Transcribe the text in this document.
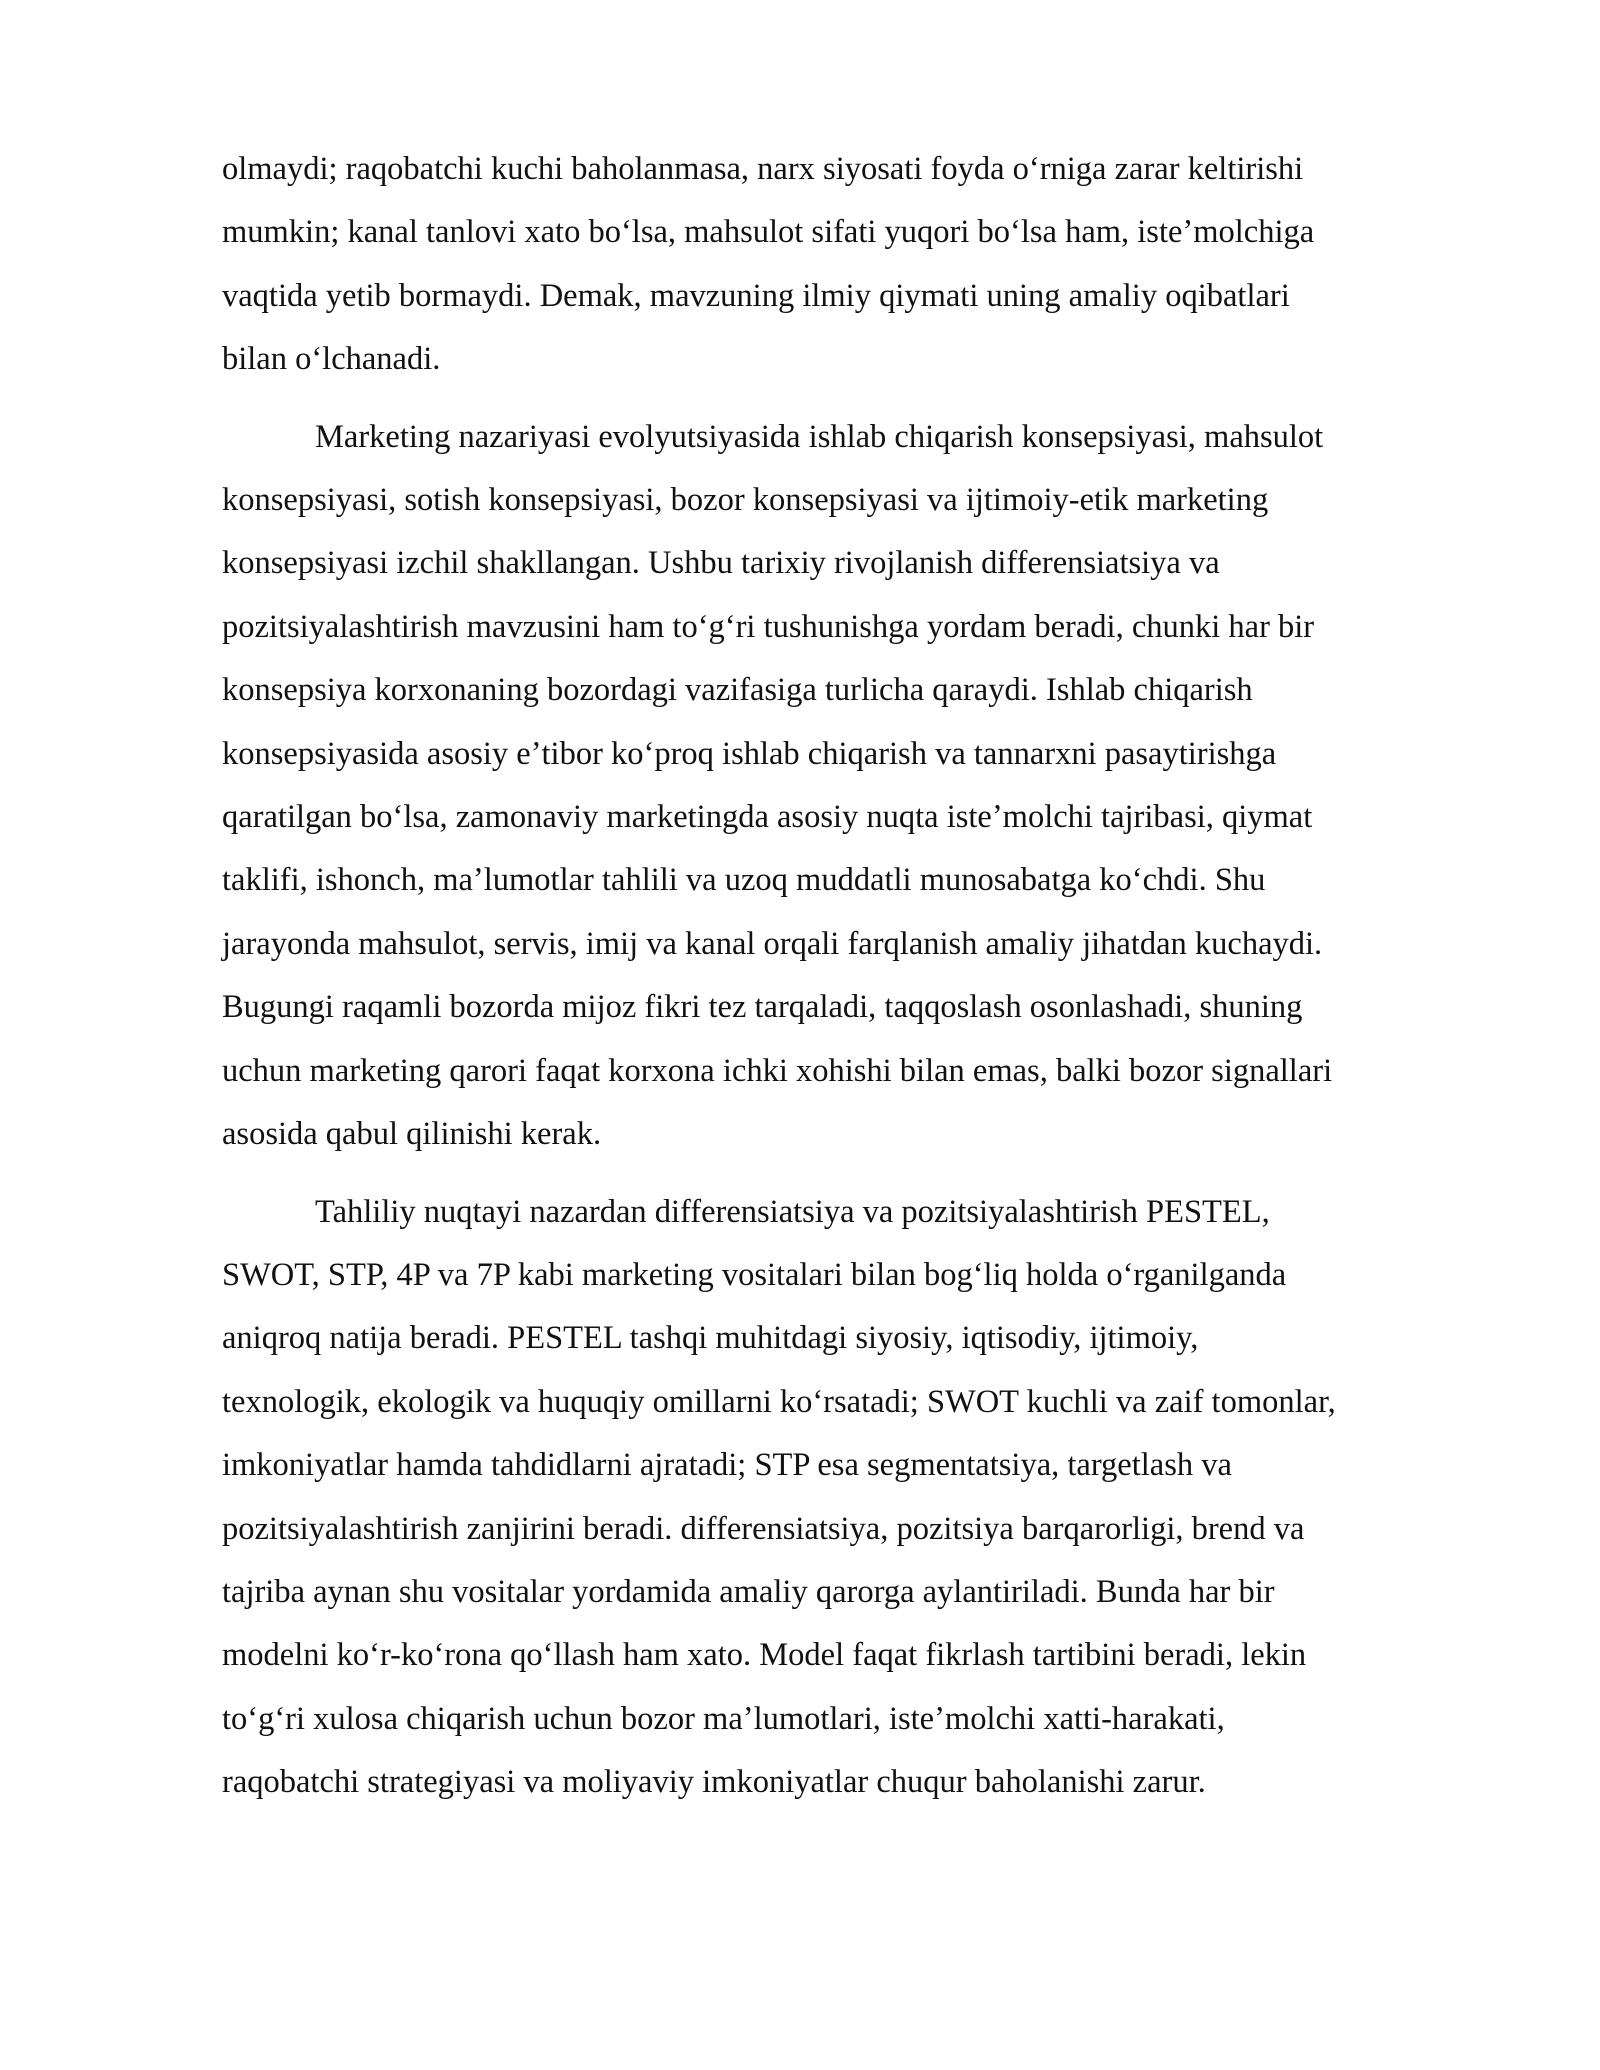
olmaydi; raqobatchi kuchi baholanmasa, narx siyosati foyda oʻrniga zarar keltirishi
mumkin; kanal tanlovi xato boʻlsa, mahsulot sifati yuqori boʻlsa ham, isteʼmolchiga
vaqtida yetib bormaydi. Demak, mavzuning ilmiy qiymati uning amaliy oqibatlari
bilan oʻlchanadi.
Marketing nazariyasi evolyutsiyasida ishlab chiqarish konsepsiyasi, mahsulot
konsepsiyasi, sotish konsepsiyasi, bozor konsepsiyasi va ijtimoiy-etik marketing
konsepsiyasi izchil shakllangan. Ushbu tarixiy rivojlanish differensiatsiya va
pozitsiyalashtirish mavzusini ham toʻgʻri tushunishga yordam beradi, chunki har bir
konsepsiya korxonaning bozordagi vazifasiga turlicha qaraydi. Ishlab chiqarish
konsepsiyasida asosiy eʼtibor koʻproq ishlab chiqarish va tannarxni pasaytirishga
qaratilgan boʻlsa, zamonaviy marketingda asosiy nuqta isteʼmolchi tajribasi, qiymat
taklifi, ishonch, maʼlumotlar tahlili va uzoq muddatli munosabatga koʻchdi. Shu
jarayonda mahsulot, servis, imij va kanal orqali farqlanish amaliy jihatdan kuchaydi.
Bugungi raqamli bozorda mijoz fikri tez tarqaladi, taqqoslash osonlashadi, shuning
uchun marketing qarori faqat korxona ichki xohishi bilan emas, balki bozor signallari
asosida qabul qilinishi kerak.
Tahliliy nuqtayi nazardan differensiatsiya va pozitsiyalashtirish PESTEL,
SWOT, STP, 4P va 7P kabi marketing vositalari bilan bogʻliq holda oʻrganilganda
aniqroq natija beradi. PESTEL tashqi muhitdagi siyosiy, iqtisodiy, ijtimoiy,
texnologik, ekologik va huquqiy omillarni koʻrsatadi; SWOT kuchli va zaif tomonlar,
imkoniyatlar hamda tahdidlarni ajratadi; STP esa segmentatsiya, targetlash va
pozitsiyalashtirish zanjirini beradi. differensiatsiya, pozitsiya barqarorligi, brend va
tajriba aynan shu vositalar yordamida amaliy qarorga aylantiriladi. Bunda har bir
modelni koʻr-koʻrona qoʻllash ham xato. Model faqat fikrlash tartibini beradi, lekin
toʻgʻri xulosa chiqarish uchun bozor maʼlumotlari, isteʼmolchi xatti-harakati,
raqobatchi strategiyasi va moliyaviy imkoniyatlar chuqur baholanishi zarur.
